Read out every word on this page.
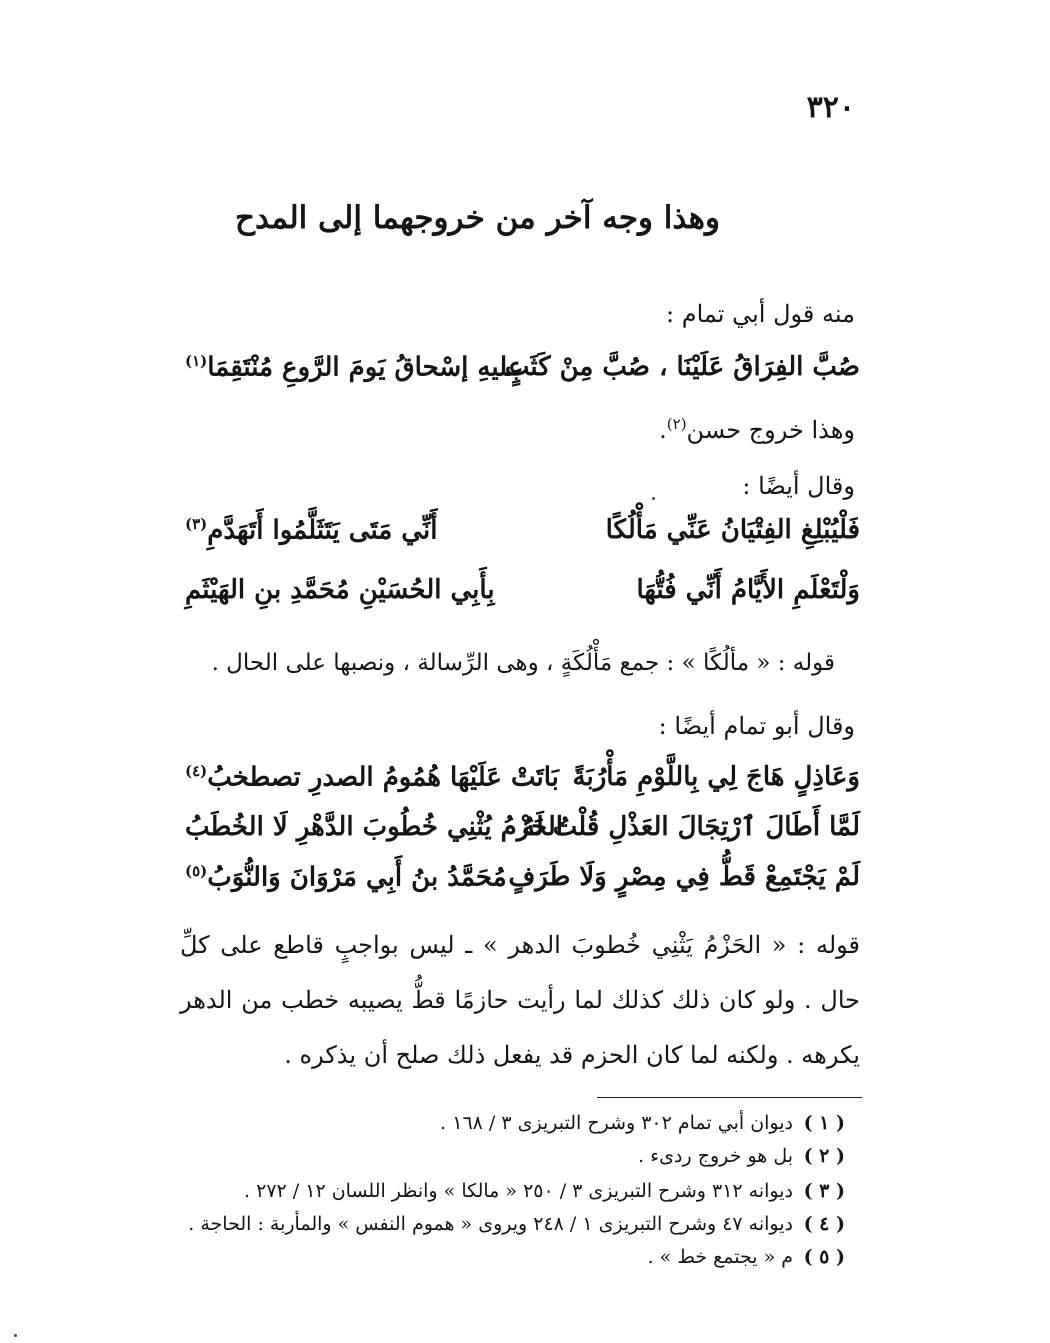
٣٢٠
وهذا وجه آخر من خروجهما إلى المدح
منه قول أبي تمام :
صُبَّ الفِرَاقُ عَلَيْنَا ، صُبَّ مِنْ كَثَبٍ
علیهِ إسْحاقُ يَومَ الرَّوعِ مُنْتَقِمَا$^{(١)}$
وهذا خروج حسن$^{(٢)}$.
وقال أيضًا :
فَلْيُبْلِغِ الفِتْيَانُ عَنِّي مَأْلُكًا
أَنِّي مَتَى يَتَثَلَّمُوا أَتَهَدَّمِ$^{(٣)}$
وَلْتَعْلَمِ الأَيَّامُ أَنِّي فُتُّهَا
بِأَبِي الحُسَيْنِ مُحَمَّدِ بنِ الهَيْثَمِ
قوله : « مألُكًا » : جمع مَأْلُكَةٍ ، وهى الرِّسالة ، ونصبها على الحال .
وقال أبو تمام أيضًا :
وَعَاذِلٍ هَاجَ لِي بِاللَّوْمِ مَأْرُبَةً
بَاتَتْ عَلَيْهَا هُمُومُ الصدرِ تصطخبُ$^{(٤)}$
لَمَّا أَطَالَ ٱرْتِجَالَ العَذْلِ قُلْتُ لَهُ
الحَزْمُ يُثْنِي خُطُوبَ الدَّهْرِ لَا الخُطَبُ
لَمْ يَجْتَمِعْ قَطُّ فِي مِصْرٍ وَلَا طَرَفٍ
مُحَمَّدُ بنُ أَبِي مَرْوَانَ وَالنُّوَبُ$^{(٥)}$
قوله : « الحَزْمُ يَثْنِي خُطوبَ الدهر » ـ ليس بواجبٍ قاطع على كلِّ حال . ولو كان ذلك كذلك لما رأيت حازمًا قطُّ يصيبه خطب من الدهر يكرهه . ولكنه لما كان الحزم قد يفعل ذلك صلح أن يذكره .
( ١ )ديوان أبي تمام ٣٠٢ وشرح التبريزى ٣ / ١٦٨ .
( ٢ )بل هو خروج ردىء .
( ٣ )ديوانه ٣١٢ وشرح التبريزى ٣ / ٢٥٠ « مالكا » وانظر اللسان ١٢ / ٢٧٢ .
( ٤ )ديوانه ٤٧ وشرح التبريزى ١ / ٢٤٨ ويروى « هموم النفس » والمأربة : الحاجة .
( ٥ )م « يجتمع خط » .
